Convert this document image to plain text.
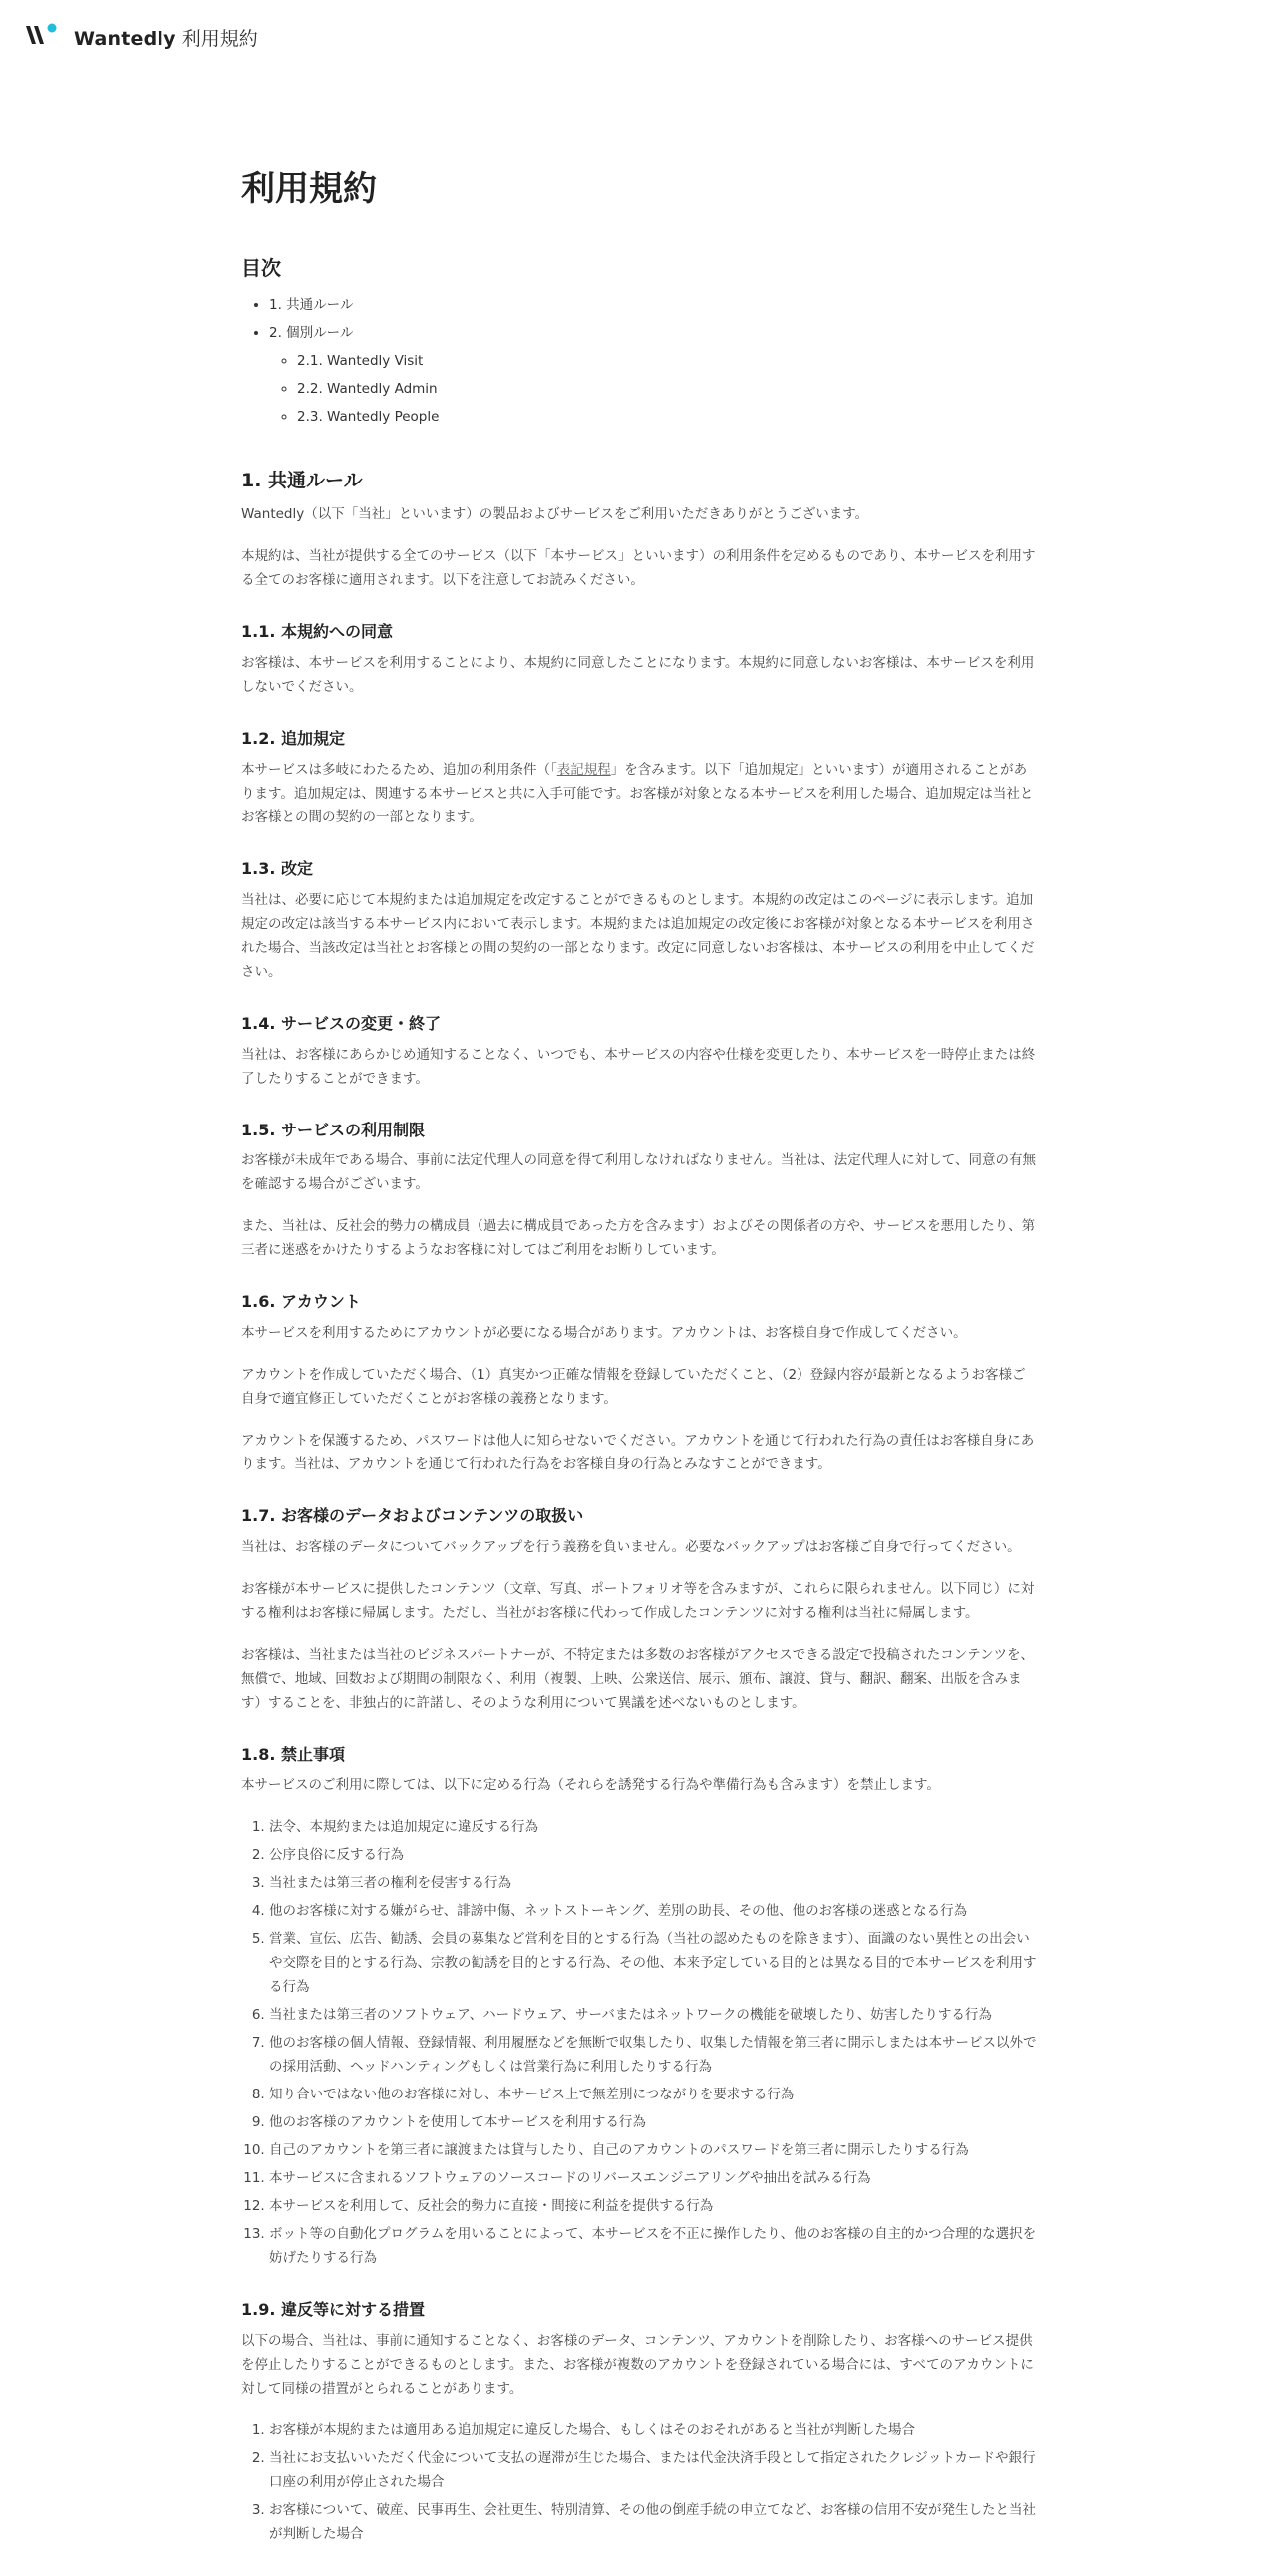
Wantedly 利用規約
利用規約
目次
• 1. 共通ルール
• 2. 個別ルール
◦ 2.1. Wantedly Visit
◦ 2.2. Wantedly Admin
◦ 2.3. Wantedly People
1. 共通ルール

Wantedly（以下「当社」といいます）の製品およびサービスをご利用いただきありがとうございます。

本規約は、当社が提供する全てのサービス（以下「本サービス」といいます）の利用条件を定めるものであり、本サービスを利用する全てのお客様に適用されます。以下を注意してお読みください。

1.1. 本規約への同意

お客様は、本サービスを利用することにより、本規約に同意したことになります。本規約に同意しないお客様は、本サービスを利用しないでください。

1.2. 追加規定

本サービスは多岐にわたるため、追加の利用条件（「表記規程」を含みます。以下「追加規定」といいます）が適用されることがあります。追加規定は、関連する本サービスと共に入手可能です。お客様が対象となる本サービスを利用した場合、追加規定は当社とお客様との間の契約の一部となります。

1.3. 改定

当社は、必要に応じて本規約または追加規定を改定することができるものとします。本規約の改定はこのページに表示します。追加規定の改定は該当する本サービス内において表示します。本規約または追加規定の改定後にお客様が対象となる本サービスを利用された場合、当該改定は当社とお客様との間の契約の一部となります。改定に同意しないお客様は、本サービスの利用を中止してください。

1.4. サービスの変更・終了

当社は、お客様にあらかじめ通知することなく、いつでも、本サービスの内容や仕様を変更したり、本サービスを一時停止または終了したりすることができます。

1.5. サービスの利用制限

お客様が未成年である場合、事前に法定代理人の同意を得て利用しなければなりません。当社は、法定代理人に対して、同意の有無を確認する場合がございます。

また、当社は、反社会的勢力の構成員（過去に構成員であった方を含みます）およびその関係者の方や、サービスを悪用したり、第三者に迷惑をかけたりするようなお客様に対してはご利用をお断りしています。

1.6. アカウント

本サービスを利用するためにアカウントが必要になる場合があります。アカウントは、お客様自身で作成してください。

アカウントを作成していただく場合、（1）真実かつ正確な情報を登録していただくこと、（2）登録内容が最新となるようお客様ご自身で適宜修正していただくことがお客様の義務となります。

アカウントを保護するため、パスワードは他人に知らせないでください。アカウントを通じて行われた行為の責任はお客様自身にあります。当社は、アカウントを通じて行われた行為をお客様自身の行為とみなすことができます。

1.7. お客様のデータおよびコンテンツの取扱い

当社は、お客様のデータについてバックアップを行う義務を負いません。必要なバックアップはお客様ご自身で行ってください。

お客様が本サービスに提供したコンテンツ（文章、写真、ポートフォリオ等を含みますが、これらに限られません。以下同じ）に対する権利はお客様に帰属します。ただし、当社がお客様に代わって作成したコンテンツに対する権利は当社に帰属します。

お客様は、当社または当社のビジネスパートナーが、不特定または多数のお客様がアクセスできる設定で投稿されたコンテンツを、無償で、地域、回数および期間の制限なく、利用（複製、上映、公衆送信、展示、頒布、譲渡、貸与、翻訳、翻案、出版を含みます）することを、非独占的に許諾し、そのような利用について異議を述べないものとします。

1.8. 禁止事項

本サービスのご利用に際しては、以下に定める行為（それらを誘発する行為や準備行為も含みます）を禁止します。

1. 法令、本規約または追加規定に違反する行為
2. 公序良俗に反する行為
3. 当社または第三者の権利を侵害する行為
4. 他のお客様に対する嫌がらせ、誹謗中傷、ネットストーキング、差別の助長、その他、他のお客様の迷惑となる行為
5. 営業、宣伝、広告、勧誘、会員の募集など営利を目的とする行為（当社の認めたものを除きます）、面識のない異性との出会いや交際を目的とする行為、宗教の勧誘を目的とする行為、その他、本来予定している目的とは異なる目的で本サービスを利用する行為
6. 当社または第三者のソフトウェア、ハードウェア、サーバまたはネットワークの機能を破壊したり、妨害したりする行為
7. 他のお客様の個人情報、登録情報、利用履歴などを無断で収集したり、収集した情報を第三者に開示しまたは本サービス以外での採用活動、ヘッドハンティングもしくは営業行為に利用したりする行為
8. 知り合いではない他のお客様に対し、本サービス上で無差別につながりを要求する行為
9. 他のお客様のアカウントを使用して本サービスを利用する行為
10. 自己のアカウントを第三者に譲渡または貸与したり、自己のアカウントのパスワードを第三者に開示したりする行為
11. 本サービスに含まれるソフトウェアのソースコードのリバースエンジニアリングや抽出を試みる行為
12. 本サービスを利用して、反社会的勢力に直接・間接に利益を提供する行為
13. ボット等の自動化プログラムを用いることによって、本サービスを不正に操作したり、他のお客様の自主的かつ合理的な選択を妨げたりする行為
1.9. 違反等に対する措置

以下の場合、当社は、事前に通知することなく、お客様のデータ、コンテンツ、アカウントを削除したり、お客様へのサービス提供を停止したりすることができるものとします。また、お客様が複数のアカウントを登録されている場合には、すべてのアカウントに対して同様の措置がとられることがあります。

1. お客様が本規約または適用ある追加規定に違反した場合、もしくはそのおそれがあると当社が判断した場合
2. 当社にお支払いいただく代金について支払の遅滞が生じた場合、または代金決済手段として指定されたクレジットカードや銀行口座の利用が停止された場合
3. お客様について、破産、民事再生、会社更生、特別清算、その他の倒産手続の申立てなど、お客様の信用不安が発生したと当社が判断した場合
